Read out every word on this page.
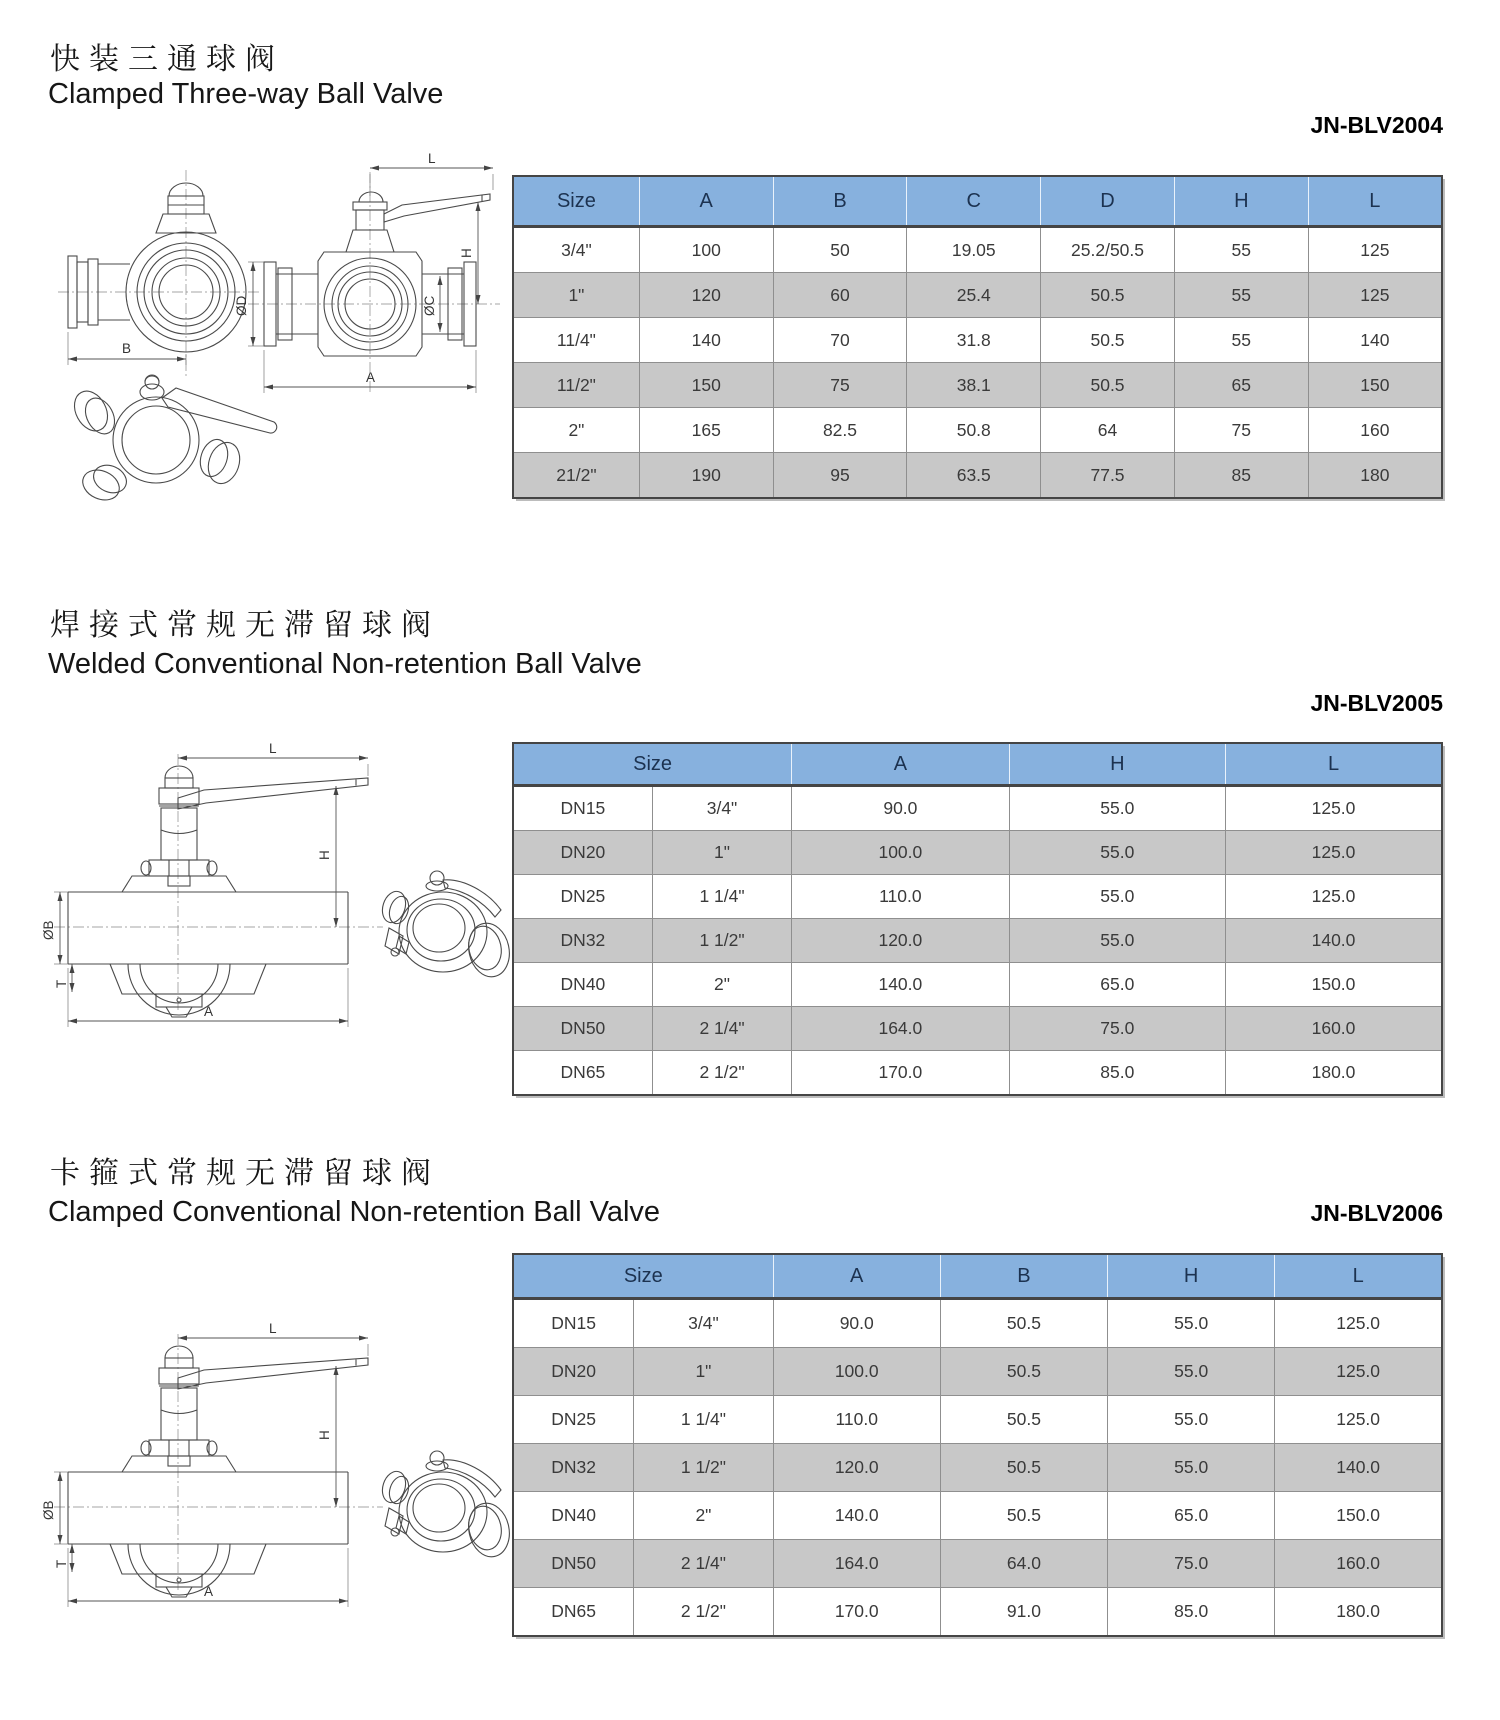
快装三通球阀
Clamped Three-way Ball Valve
JN-BLV2004
B
L
H
ØD	ØC
A
Size	A	B	C	D	H	L
3/4"	100	50	19.05	25.2/50.5	55	125
1"	120	60	25.4	50.5	55	125
11/4"	140	70	31.8	50.5	55	140
11/2"	150	75	38.1	50.5	65	150
2"	165	82.5	50.8	64	75	160
21/2"	190	95	63.5	77.5	85	180
焊接式常规无滞留球阀
Welded Conventional Non-retention Ball Valve
JN-BLV2005
L
H
ØB
T
A
Size		A	H	L
DN15	3/4"	90.0	55.0	125.0
DN20	1"	100.0	55.0	125.0
DN25	1 1/4"	110.0	55.0	125.0
DN32	1 1/2"	120.0	55.0	140.0
DN40	2"	140.0	65.0	150.0
DN50	2 1/4"	164.0	75.0	160.0
DN65	2 1/2"	170.0	85.0	180.0
卡箍式常规无滞留球阀
Clamped Conventional Non-retention Ball Valve	JN-BLV2006
L
H
ØB
T
A
Size		A	B	H	L
DN15	3/4"	90.0	50.5	55.0	125.0
DN20	1"	100.0	50.5	55.0	125.0
DN25	1 1/4"	110.0	50.5	55.0	125.0
DN32	1 1/2"	120.0	50.5	55.0	140.0
DN40	2"	140.0	50.5	65.0	150.0
DN50	2 1/4"	164.0	64.0	75.0	160.0
DN65	2 1/2"	170.0	91.0	85.0	180.0
